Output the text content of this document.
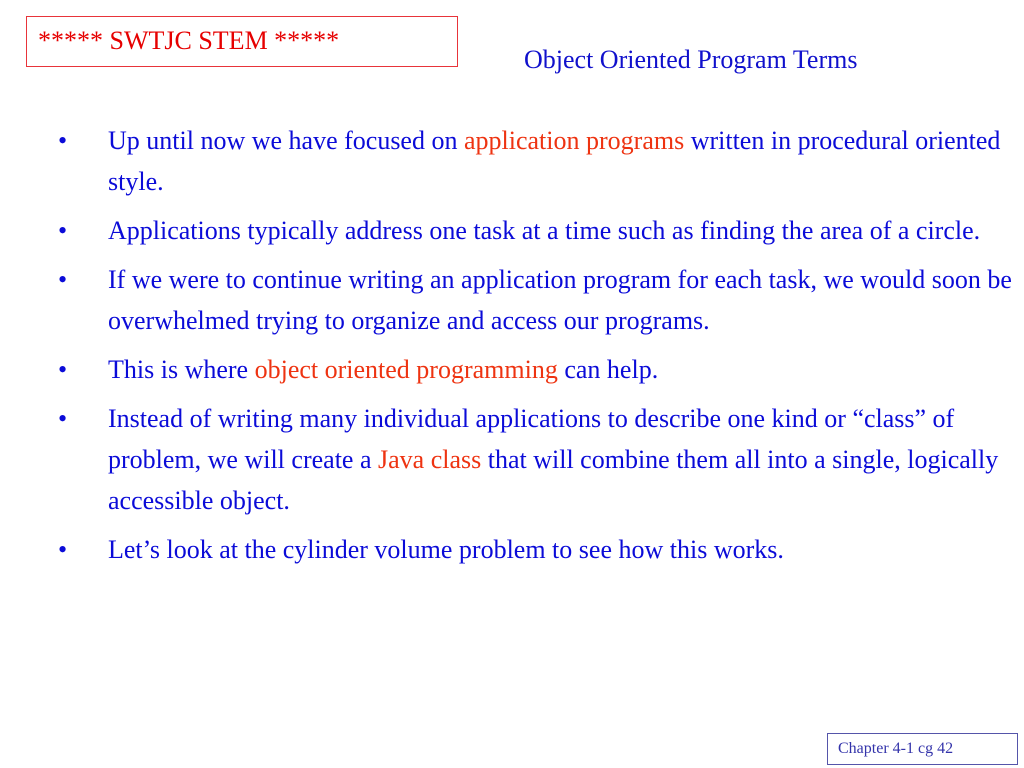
***** SWTJC STEM *****
Object Oriented Program Terms
• Up until now we have focused on application programs written in procedural oriented style.
• Applications typically address one task at a time such as finding the area of a circle.
• If we were to continue writing an application program for each task, we would soon be overwhelmed trying to organize and access our programs.
• This is where object oriented programming can help.
• Instead of writing many individual applications to describe one kind or “class” of problem, we will create a Java class that will combine them all into a single, logically accessible object.
• Let’s look at the cylinder volume problem to see how this works.
Chapter 4-1 cg 42
